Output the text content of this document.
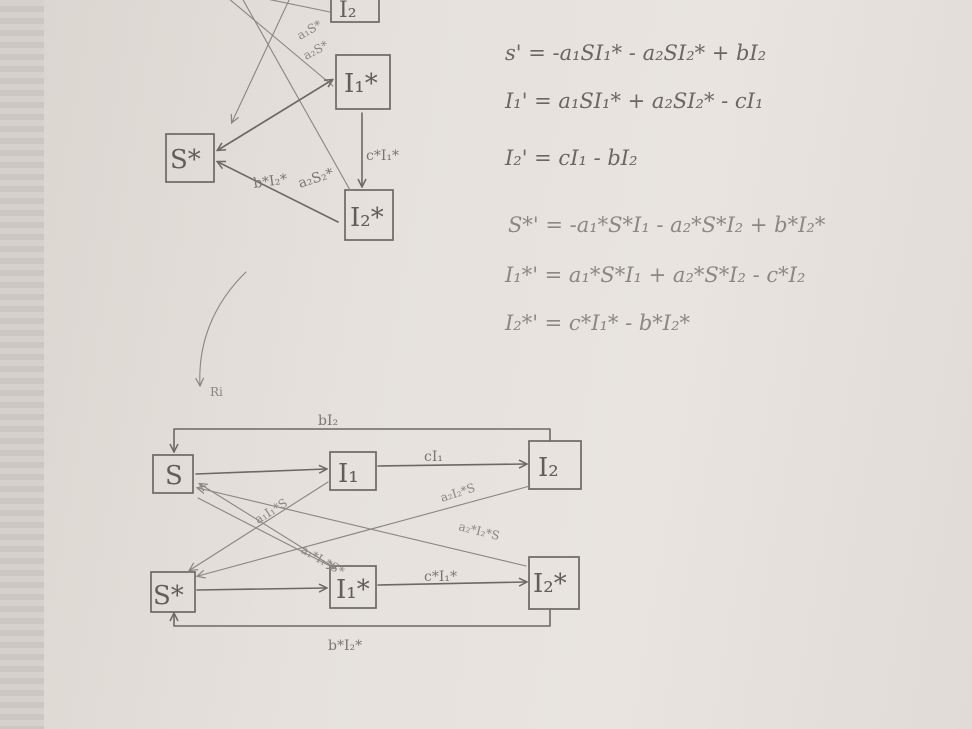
I₂
S*
I₁*
I₂*
c*I₁*
a₂S₂*
b*I₂*
a₁S*
a₂S*
Ri
s' = -a₁SI₁* - a₂SI₂* + bI₂
I₁' = a₁SI₁* + a₂SI₂* - cI₁
I₂' = cI₁ - bI₂
S*' = -a₁*S*I₁ - a₂*S*I₂ + b*I₂*
I₁*' = a₁*S*I₁ + a₂*S*I₂ - c*I₂
I₂*' = c*I₁* - b*I₂*
S	I₁	I₂
S*	I₁*	I₂*
bI₂
cI₁
c*I₁*
b*I₂*
a₁I₁*S
a₂I₂*S
a₁*I₁*S*
a₂*I₂*S
